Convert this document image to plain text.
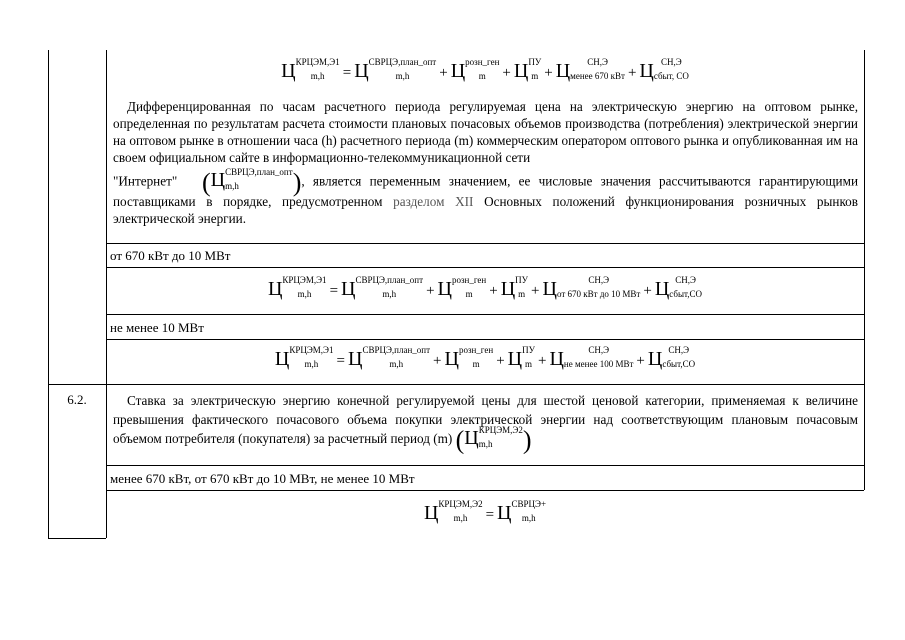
Ц КРЦЭМ,Э1
m,h	= Ц СВРЦЭ,план_опт
m,h	+ Ц розн_ген
m	+ Ц ПУ
m + Ц	СН,Э
менее 670 кВт + Ц СН,Э
сбыт, СО
Дифференцированная по часам расчетного периода регулируемая цена на электрическую энергию на оптовом рынке, определенная по результатам расчета стоимости плановых почасовых объемов производства (потребления) электрической энергии на оптовом рынке в отношении часа (h) расчетного периода (m) коммерческим оператором оптового рынка и опубликованная им на своем официальном сайте в информационно-телекоммуникационной сети
"Интернет" (Ц СВРЦЭ,план_опт
m,h	), является переменным значением, ее числовые значения рассчитываются гарантирующими поставщиками в порядке, предусмотренном разделом XII Основных положений функционирования розничных рынков электрической энергии.
от 670 кВт до 10 МВт
Ц КРЦЭМ,Э1
m,h	= Ц СВРЦЭ,план_опт
m,h	+ Ц розн_ген
m	+ Ц ПУ
m + Ц	СН,Э
от 670 кВт до 10 МВт + Ц СН,Э
сбыт,СО
не менее 10 МВт
Ц КРЦЭМ,Э1
m,h	= Ц СВРЦЭ,план_опт
m,h	+ Ц розн_ген
m	+ Ц ПУ
m + Ц	СН,Э
не менее 100 МВт + Ц СН,Э
сбыт,СО
6.2.	Ставка за электрическую энергию конечной регулируемой цены для шестой ценовой категории, применяемая к величине превышения фактического почасового объема покупки электрической энергии над соответствующим плановым почасовым объемом потребителя (покупателя) за расчетный период (m) (Ц КРЦЭМ,Э2
m,h	)
менее 670 кВт, от 670 кВт до 10 МВт, не менее 10 МВт
Ц КРЦЭМ,Э2
m,h	= Ц СВРЦЭ+
m,h
